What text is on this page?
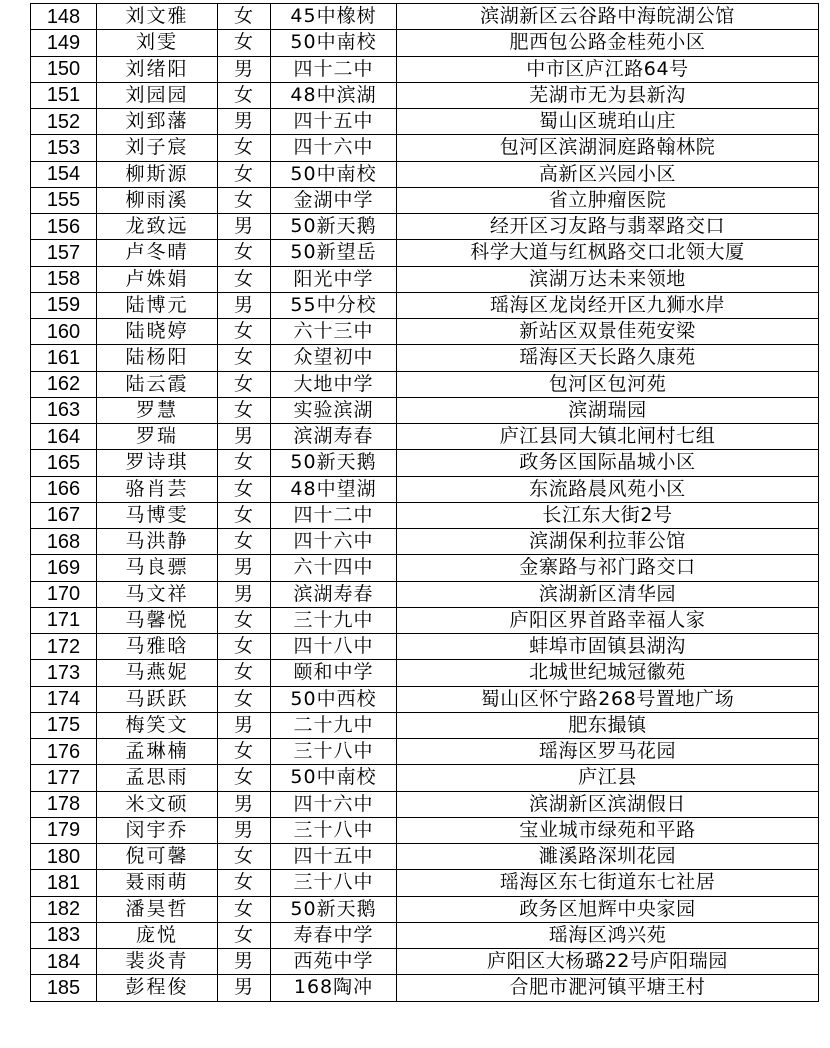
148	刘文雅	女	45中橡树	滨湖新区云谷路中海皖湖公馆
149	刘雯	女	50中南校	肥西包公路金桂苑小区
150	刘绪阳	男	四十二中	中市区庐江路64号
151	刘园园	女	48中滨湖	芜湖市无为县新沟
152	刘郅藩	男	四十五中	蜀山区琥珀山庄
153	刘子宸	女	四十六中	包河区滨湖洞庭路翰林院
154	柳斯源	女	50中南校	高新区兴园小区
155	柳雨溪	女	金湖中学	省立肿瘤医院
156	龙致远	男	50新天鹅	经开区习友路与翡翠路交口
157	卢冬晴	女	50新望岳	科学大道与红枫路交口北领大厦
158	卢姝娟	女	阳光中学	滨湖万达未来领地
159	陆博元	男	55中分校	瑶海区龙岗经开区九狮水岸
160	陆晓婷	女	六十三中	新站区双景佳苑安梁
161	陆杨阳	女	众望初中	瑶海区天长路久康苑
162	陆云霞	女	大地中学	包河区包河苑
163	罗慧	女	实验滨湖	滨湖瑞园
164	罗瑞	男	滨湖寿春	庐江县同大镇北闸村七组
165	罗诗琪	女	50新天鹅	政务区国际晶城小区
166	骆肖芸	女	48中望湖	东流路晨风苑小区
167	马博雯	女	四十二中	长江东大街2号
168	马洪静	女	四十六中	滨湖保利拉菲公馆
169	马良骠	男	六十四中	金寨路与祁门路交口
170	马文祥	男	滨湖寿春	滨湖新区清华园
171	马馨悦	女	三十九中	庐阳区界首路幸福人家
172	马雅晗	女	四十八中	蚌埠市固镇县湖沟
173	马燕妮	女	颐和中学	北城世纪城冠徽苑
174	马跃跃	女	50中西校	蜀山区怀宁路268号置地广场
175	梅笑文	男	二十九中	肥东撮镇
176	孟琳楠	女	三十八中	瑶海区罗马花园
177	孟思雨	女	50中南校	庐江县
178	米文硕	男	四十六中	滨湖新区滨湖假日
179	闵宇乔	男	三十八中	宝业城市绿苑和平路
180	倪可馨	女	四十五中	濉溪路深圳花园
181	聂雨萌	女	三十八中	瑶海区东七街道东七社居
182	潘昊哲	女	50新天鹅	政务区旭辉中央家园
183	庞悦	女	寿春中学	瑶海区鸿兴苑
184	裴炎青	男	西苑中学	庐阳区大杨璐22号庐阳瑞园
185	彭程俊	男	168陶冲	合肥市淝河镇平塘王村
